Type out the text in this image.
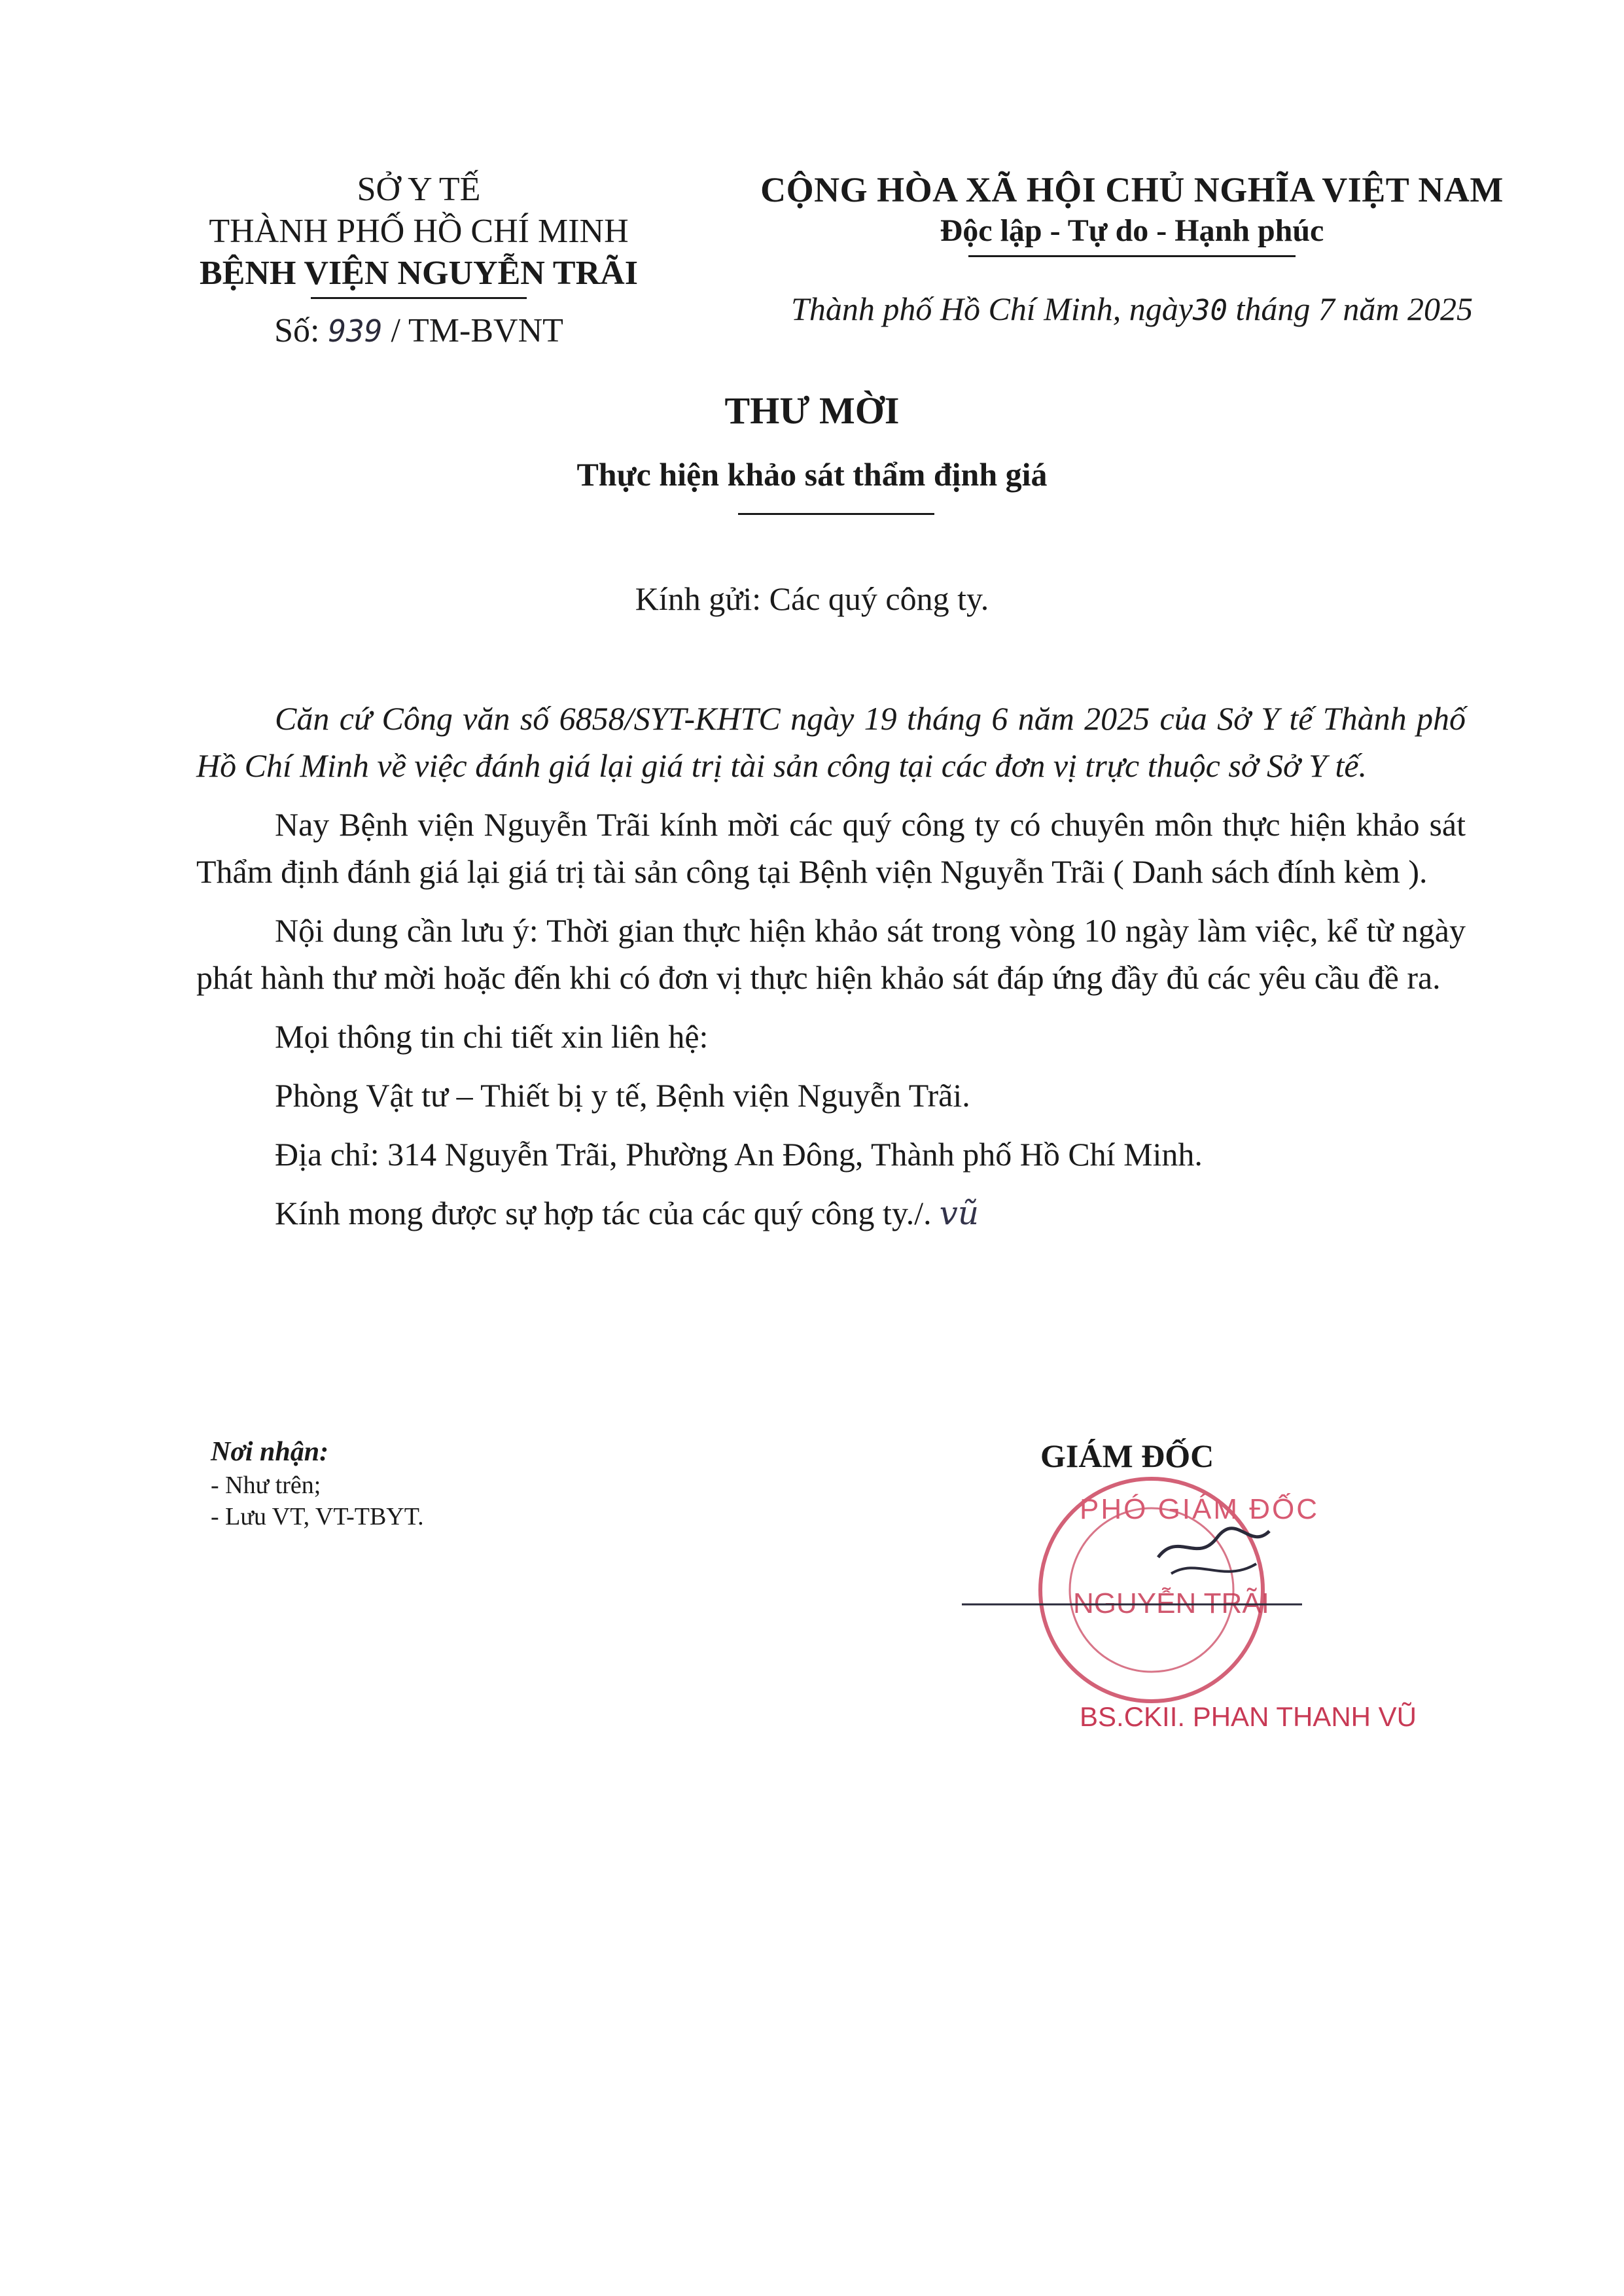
SỞ Y TẾ
THÀNH PHỐ HỒ CHÍ MINH
BỆNH VIỆN NGUYỄN TRÃI
Số: 939 / TM-BVNT
CỘNG HÒA XÃ HỘI CHỦ NGHĨA VIỆT NAM
Độc lập - Tự do - Hạnh phúc
Thành phố Hồ Chí Minh, ngày30 tháng 7 năm 2025
THƯ MỜI
Thực hiện khảo sát thẩm định giá
Kính gửi: Các quý công ty.

Căn cứ Công văn số 6858/SYT-KHTC ngày 19 tháng 6 năm 2025 của Sở Y tế Thành phố Hồ Chí Minh về việc đánh giá lại giá trị tài sản công tại các đơn vị trực thuộc sở Sở Y tế.

Nay Bệnh viện Nguyễn Trãi kính mời các quý công ty có chuyên môn thực hiện khảo sát Thẩm định đánh giá lại giá trị tài sản công tại Bệnh viện Nguyễn Trãi ( Danh sách đính kèm ).

Nội dung cần lưu ý: Thời gian thực hiện khảo sát trong vòng 10 ngày làm việc, kể từ ngày phát hành thư mời hoặc đến khi có đơn vị thực hiện khảo sát đáp ứng đầy đủ các yêu cầu đề ra.

Mọi thông tin chi tiết xin liên hệ:
Phòng Vật tư – Thiết bị y tế, Bệnh viện Nguyễn Trãi.
Địa chỉ: 314 Nguyễn Trãi, Phường An Đông, Thành phố Hồ Chí Minh.
Kính mong được sự hợp tác của các quý công ty./. vũ
Nơi nhận:
- Như trên;
- Lưu VT, VT-TBYT.
NGUYỄN TRÃI
GIÁM ĐỐC
PHÓ GIÁM ĐỐC
BS.CKII. PHAN THANH VŨ
